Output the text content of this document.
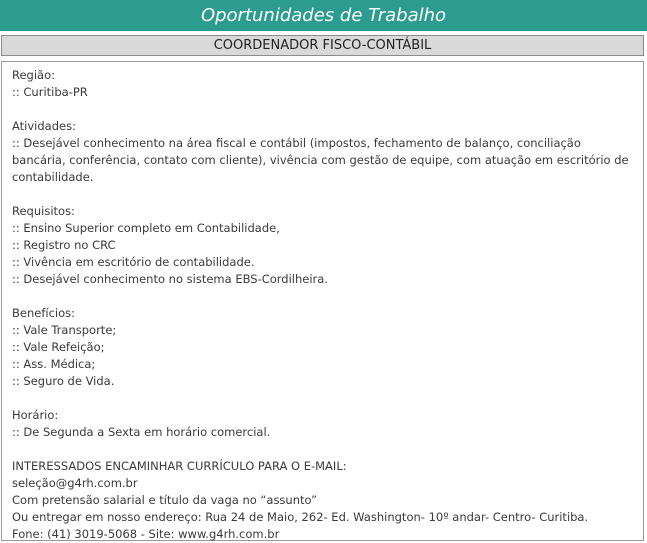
Oportunidades de Trabalho
COORDENADOR FISCO-CONTÁBIL
Região:
:: Curitiba-PR
Atividades:
:: Desejável conhecimento na área fiscal e contábil (impostos, fechamento de balanço, conciliação bancária, conferência, contato com cliente), vivência com gestão de equipe, com atuação em escritório de contabilidade.
Requisitos:
:: Ensino Superior completo em Contabilidade,
:: Registro no CRC
:: Vivência em escritório de contabilidade.
:: Desejável conhecimento no sistema EBS-Cordilheira.
Benefícios:
:: Vale Transporte;
:: Vale Refeição;
:: Ass. Médica;
:: Seguro de Vida.
Horário:
:: De Segunda a Sexta em horário comercial.
INTERESSADOS ENCAMINHAR CURRÍCULO PARA O E-MAIL:
seleção@g4rh.com.br
Com pretensão salarial e título da vaga no “assunto”
Ou entregar em nosso endereço: Rua 24 de Maio, 262- Ed. Washington- 10º andar- Centro- Curitiba.
Fone: (41) 3019-5068 - Site: www.g4rh.com.br
